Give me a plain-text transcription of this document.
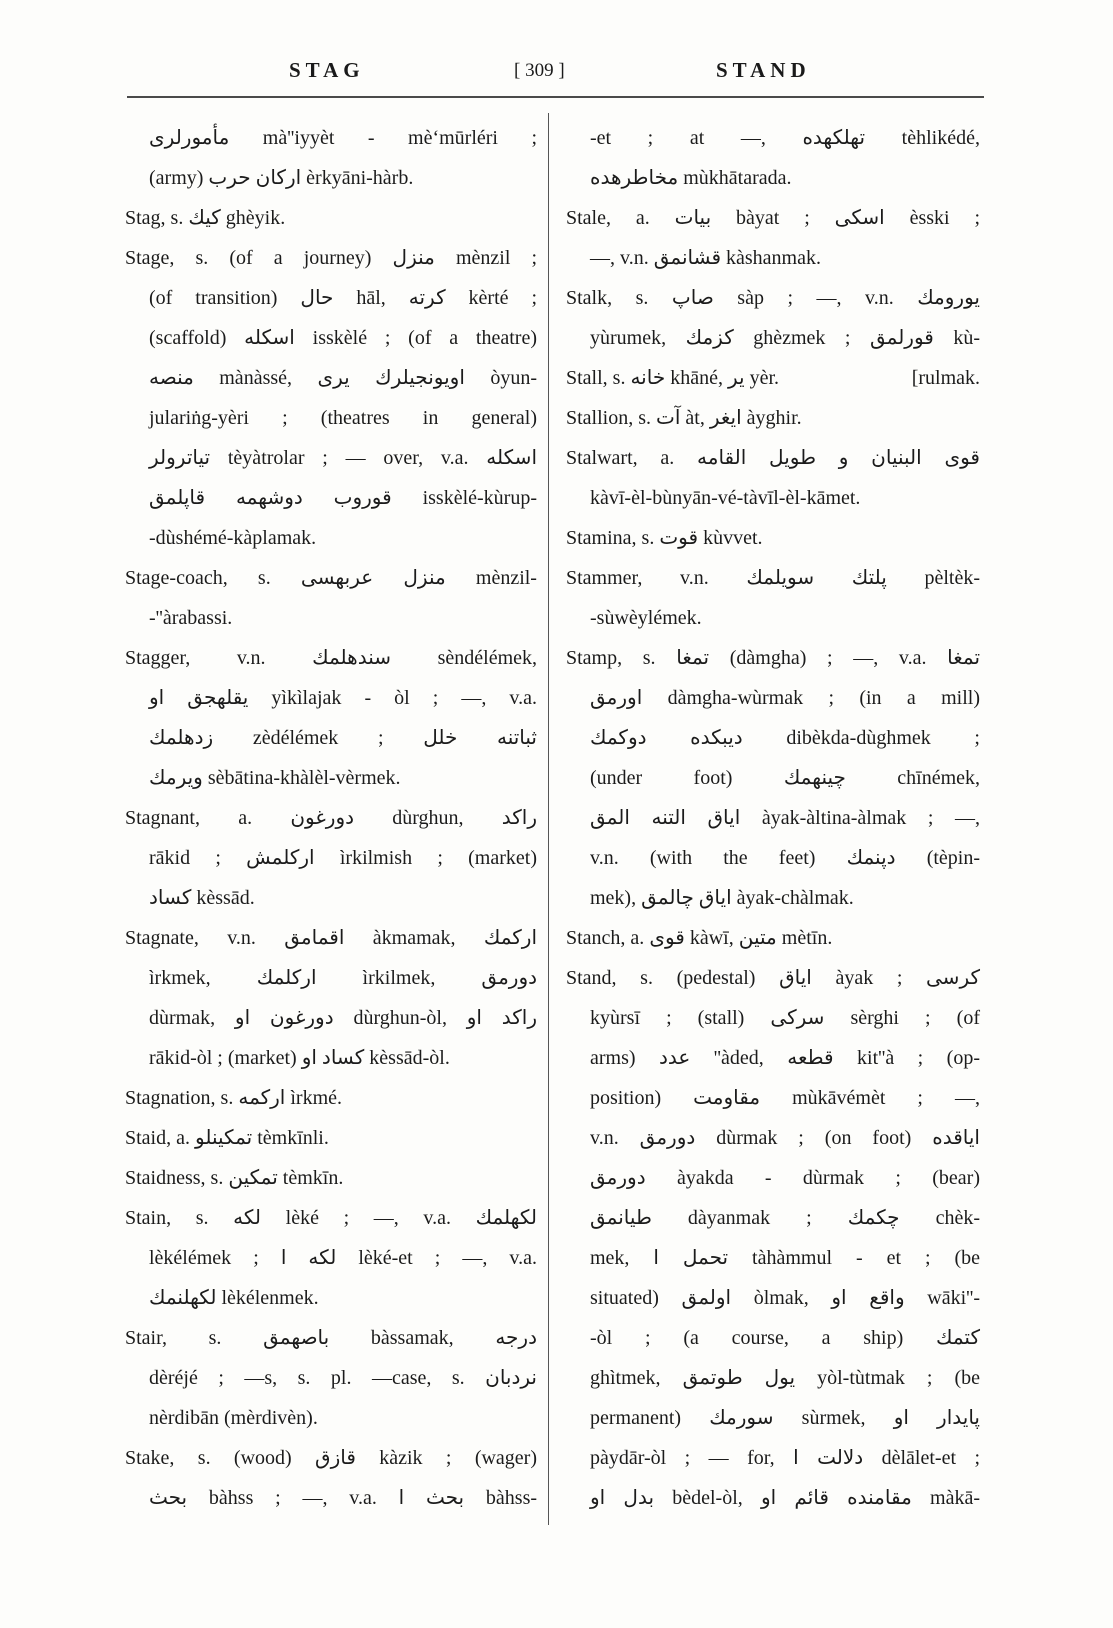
STAG	[ 309 ]	STAND
مأمورلرى mà''iyyèt - mè‘mūrléri ;
(army) اركان حرب èrkyāni-hàrb.
Stag, s. كيك ghèyik.
Stage, s. (of a journey) منزل mènzil ;
(of transition) حال hāl, كرته kèrté ;
(scaffold) اسكله isskèlé ; (of a theatre)
منصه mànàssé, اويونجيلرك يرى òyun-
julariṅg-yèri ; (theatres in general)
تياترولر tèyàtrolar ; — over, v.a. اسكله
قوروب دوشهمه قاپلمق isskèlé-kùrup-
-dùshémé-kàplamak.
Stage-coach, s. منزل عربهسى mènzil-
-''àrabassi.
Stagger, v.n. سندهلمك sèndélémek,
يقلهجق او yìkìlajak - òl ; —, v.a.
زدهلمك zèdélémek ; ثباتنه خلل
ويرمك sèbātina-khàlèl-vèrmek.
Stagnant, a. دورغون dùrghun, راكد
rākid ; اركلمش ìrkilmish ; (market)
كساد kèssād.
Stagnate, v.n. اقمامق àkmamak, اركمك
ìrkmek, اركلمك ìrkilmek, دورمق
dùrmak, دورغون او dùrghun-òl, راكد او
rākid-òl ; (market) كساد او kèssād-òl.
Stagnation, s. اركمه ìrkmé.
Staid, a. تمكينلو tèmkīnli.
Staidness, s. تمكين tèmkīn.
Stain, s. لكه lèké ; —, v.a. لكهلمك
lèkélémek ; لكه ا lèké-et ; —, v.a.
لكهلنمك lèkélenmek.
Stair, s. باصهمق bàssamak, درجه
dèréjé ; —s, s. pl. —case, s. نردبان
nèrdibān (mèrdivèn).
Stake, s. (wood) قازق kàzik ; (wager)
بحث bàhss ; —, v.a. بحث ا bàhss-
-et ; at —, تهلكهده tèhlikédé,
مخاطرهده mùkhātarada.
Stale, a. بيات bàyat ; اسكى èsski ;
—, v.n. قشانمق kàshanmak.
Stalk, s. صاپ sàp ; —, v.n. يورومك
yùrumek, كزمك ghèzmek ; قورلمق kù-
[rulmak.
Stall, s. خانه khāné, ير yèr.
Stallion, s. آت àt, ايغر àyghir.
Stalwart, a. قوى البنيان و طويل القامه
kàvī-èl-bùnyān-vé-tàvīl-èl-kāmet.
Stamina, s. قوت kùvvet.
Stammer, v.n. پلتك سويلمك pèltèk-
-sùwèylémek.
Stamp, s. تمغا (dàmgha) ; —, v.a. تمغا
اورمق dàmgha-wùrmak ; (in a mill)
ديبكده دوكمك dibèkda-dùghmek ;
(under foot) چينهمك chīnémek,
اياق التنه المق àyak-àltina-àlmak ; —,
v.n. (with the feet) دپنمك (tèpin-
mek), اياق چالمق àyak-chàlmak.
Stanch, a. قوى kàwī, متين mètīn.
Stand, s. (pedestal) اياق àyak ; كرسى
kyùrsī ; (stall) سركى sèrghi ; (of
arms) عدد ''àded, قطعه kit''à ; (op-
position) مقاومت mùkāvémèt ; —,
v.n. دورمق dùrmak ; (on foot) اياقده
دورمق àyakda - dùrmak ; (bear)
طيانمق dàyanmak ; چكمك chèk-
mek, تحمل ا tàhàmmul - et ; (be
situated) اولمق òlmak, واقع او wāki''-
-òl ; (a course, a ship) كتمك
ghìtmek, يول طوتمق yòl-tùtmak ; (be
permanent) سورمك sùrmek, پايدار او
pàydār-òl ; — for, دلالت ا dèlālet-et ;
بدل او bèdel-òl, مقامنده قائم او màkā-
